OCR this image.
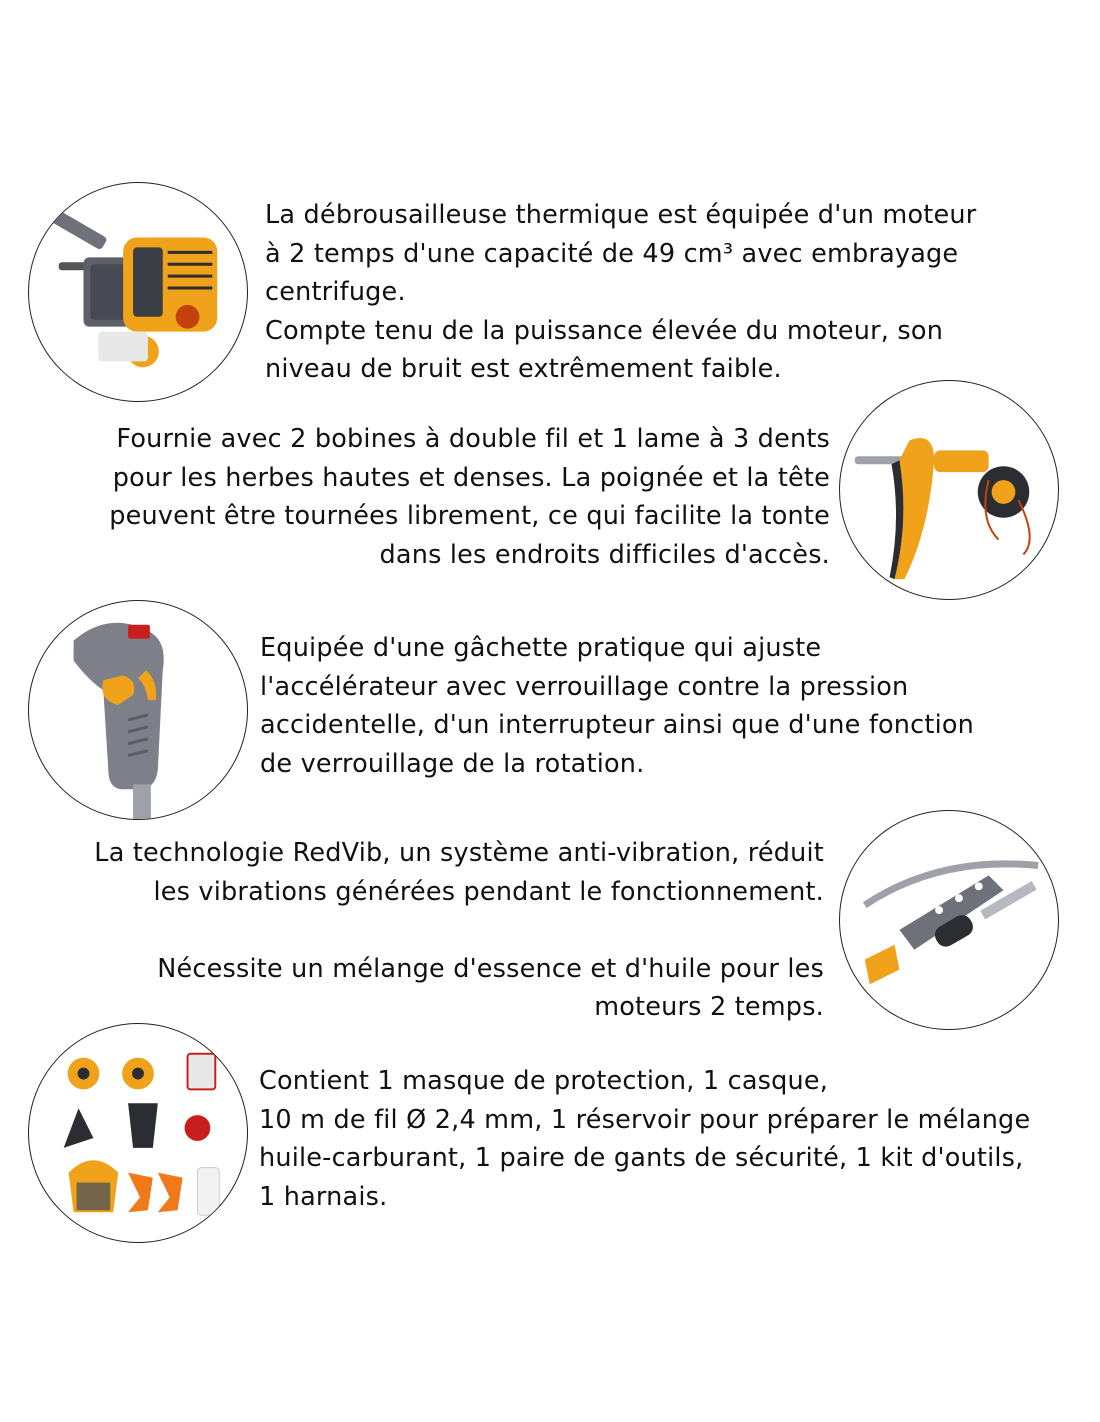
La débrousailleuse thermique est équipée d'un moteur
à 2 temps d'une capacité de 49 cm³ avec embrayage
centrifuge.
Compte tenu de la puissance élevée du moteur, son
niveau de bruit est extrêmement faible.
Fournie avec 2 bobines à double fil et 1 lame à 3 dents
pour les herbes hautes et denses. La poignée et la tête
peuvent être tournées librement, ce qui facilite la tonte
dans les endroits difficiles d'accès.
Equipée d'une gâchette pratique qui ajuste
l'accélérateur avec verrouillage contre la pression
accidentelle, d'un interrupteur ainsi que d'une fonction
de verrouillage de la rotation.
La technologie RedVib, un système anti-vibration, réduit
les vibrations générées pendant le fonctionnement.
Nécessite un mélange d'essence et d'huile pour les
moteurs 2 temps.
Contient 1 masque de protection, 1 casque,
10 m de fil Ø 2,4 mm, 1 réservoir pour préparer le mélange
huile-carburant, 1 paire de gants de sécurité, 1 kit d'outils,
1 harnais.
